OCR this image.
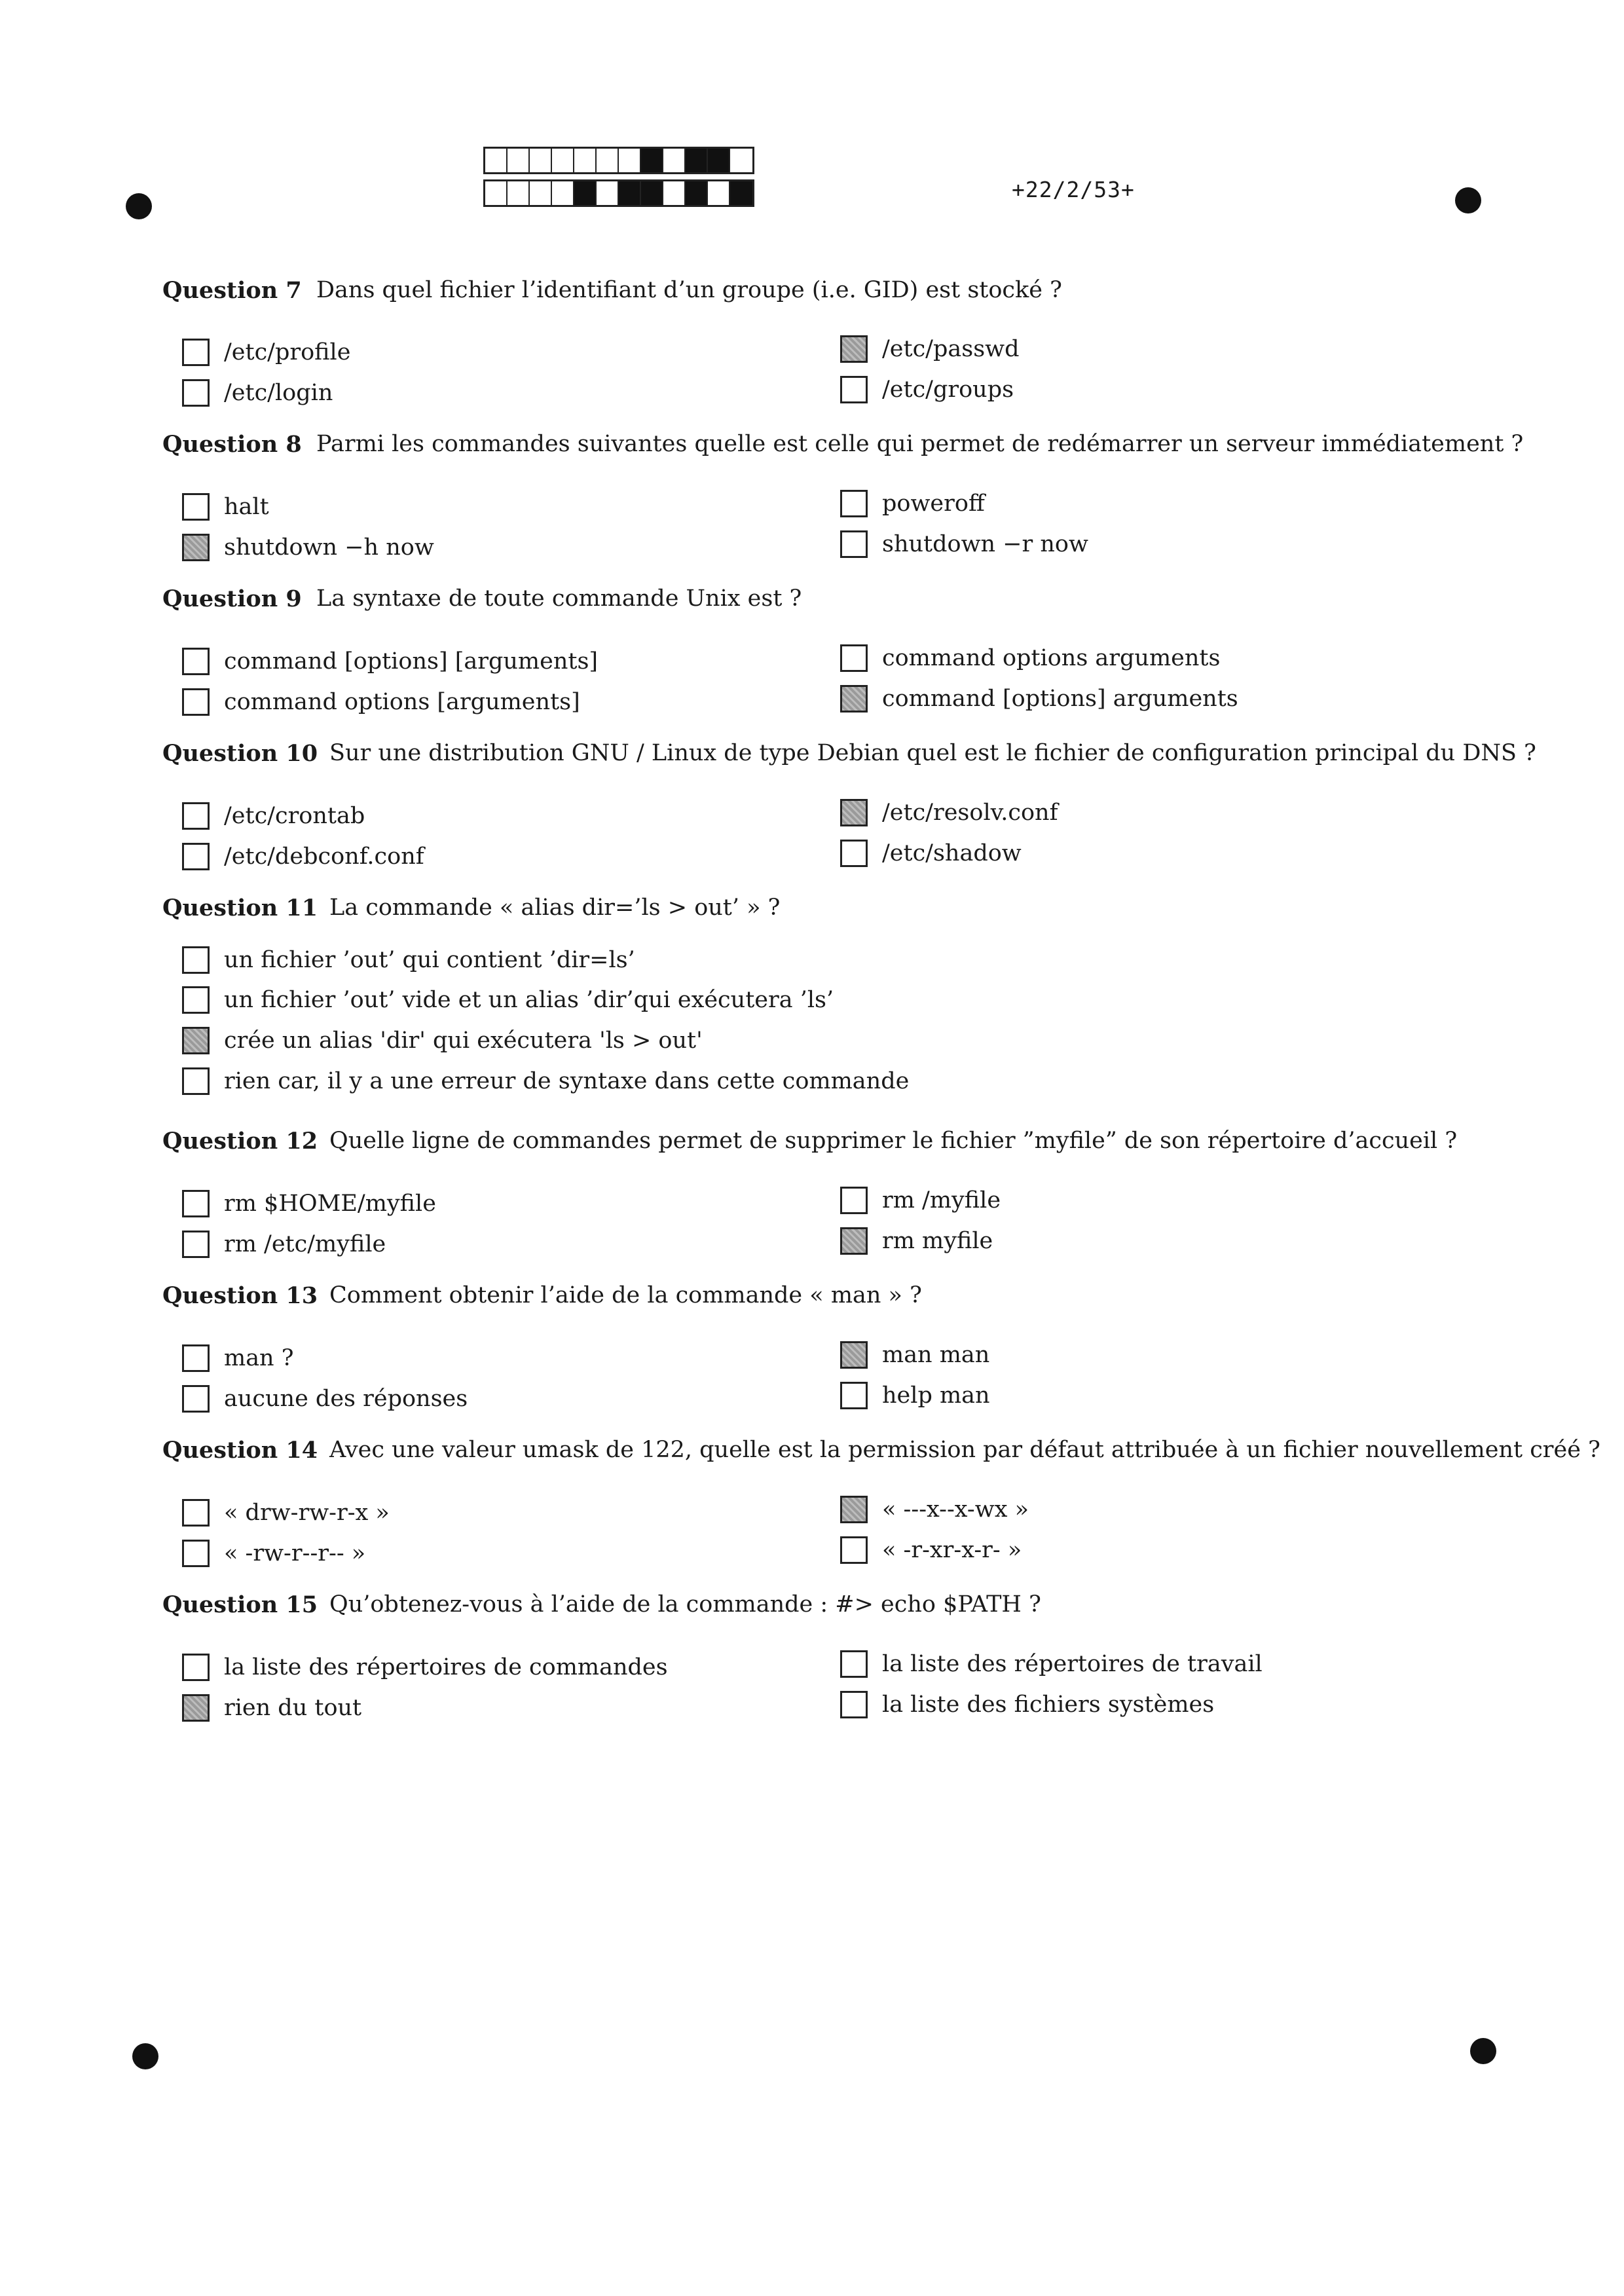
+22/2/53+
Question 7 Dans quel fichier l’identifiant d’un groupe (i.e. GID) est stocké ?
/etc/profile	/etc/passwd
/etc/login	/etc/groups
Question 8 Parmi les commandes suivantes quelle est celle qui permet de redémarrer un serveur immédiatement ?
halt	poweroff
shutdown −h now	shutdown −r now
Question 9 La syntaxe de toute commande Unix est ?
command [options] [arguments]	command options arguments
command options [arguments]	command [options] arguments
Question 10 Sur une distribution GNU / Linux de type Debian quel est le fichier de configuration principal du DNS ?
/etc/crontab	/etc/resolv.conf
/etc/debconf.conf	/etc/shadow
Question 11 La commande « alias dir=’ls > out’ » ?
un fichier ’out’ qui contient ’dir=ls’
un fichier ’out’ vide et un alias ’dir’qui exécutera ’ls’
crée un alias 'dir' qui exécutera 'ls > out'
rien car, il y a une erreur de syntaxe dans cette commande
Question 12 Quelle ligne de commandes permet de supprimer le fichier ”myfile” de son répertoire d’accueil ?
rm $HOME/myfile	rm /myfile
rm /etc/myfile	rm myfile
Question 13 Comment obtenir l’aide de la commande « man » ?
man ?	man man
aucune des réponses	help man
Question 14 Avec une valeur umask de 122, quelle est la permission par défaut attribuée à un fichier nouvellement créé ?
« drw-rw-r-x »	« ---x--x-wx »
« -rw-r--r-- »	« -r-xr-x-r- »
Question 15 Qu’obtenez-vous à l’aide de la commande : #> echo $PATH ?
la liste des répertoires de commandes	la liste des répertoires de travail
rien du tout	la liste des fichiers systèmes
